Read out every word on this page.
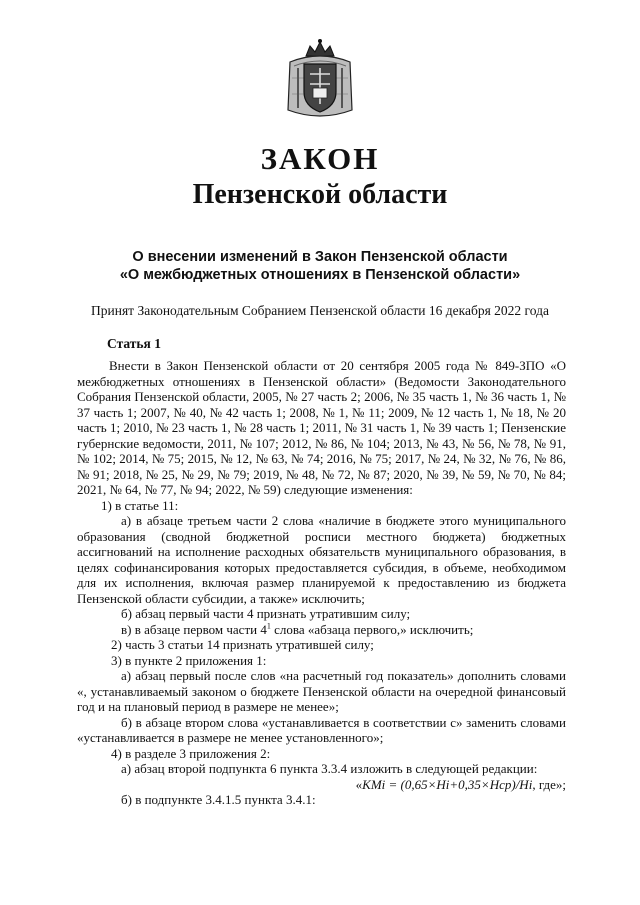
ЗАКОН
Пензенской области
О внесении изменений в Закон Пензенской области
«О межбюджетных отношениях в Пензенской области»
Принят Законодательным Собранием Пензенской области 16 декабря 2022 года
Статья 1

Внести в Закон Пензенской области от 20 сентября 2005 года № 849-ЗПО «О межбюджетных отношениях в Пензенской области» (Ведомости Законодательного Собрания Пензенской области, 2005, № 27 часть 2; 2006, № 35 часть 1, № 36 часть 1, № 37 часть 1; 2007, № 40, № 42 часть 1; 2008, № 1, № 11; 2009, № 12 часть 1, № 18, № 20 часть 1; 2010, № 23 часть 1, № 28 часть 1; 2011, № 31 часть 1, № 39 часть 1; Пензенские губернские ведомости, 2011, № 107; 2012, № 86, № 104; 2013, № 43, № 56, № 78, № 91, № 102; 2014, № 75; 2015, № 12, № 63, № 74; 2016, № 75; 2017, № 24, № 32, № 76, № 86, № 91; 2018, № 25, № 29, № 79; 2019, № 48, № 72, № 87; 2020, № 39, № 59, № 70, № 84; 2021, № 64, № 77, № 94; 2022, № 59) следующие изменения:

1) в статье 11:

а) в абзаце третьем части 2 слова «наличие в бюджете этого муниципального образования (сводной бюджетной росписи местного бюджета) бюджетных ассигнований на исполнение расходных обязательств муниципального образования, в целях софинансирования которых предоставляется субсидия, в объеме, необходимом для их исполнения, включая размер планируемой к предоставлению из бюджета Пензенской области субсидии, а также» исключить;

б) абзац первый части 4 признать утратившим силу;

в) в абзаце первом части $4^1$ слова «абзаца первого,» исключить;

2) часть 3 статьи 14 признать утратившей силу;

3) в пункте 2 приложения 1:

а) абзац первый после слов «на расчетный год показатель» дополнить словами «, устанавливаемый законом о бюджете Пензенской области на очередной финансовый год и на плановый период в размере не менее»;

б) в абзаце втором слова «устанавливается в соответствии с» заменить словами «устанавливается в размере не менее установленного»;

4) в разделе 3 приложения 2:

а) абзац второй подпункта 6 пункта 3.3.4 изложить в следующей редакции:

«KMi = (0,65×Hi+0,35×Hср)/Hi, где»;

б) в подпункте 3.4.1.5 пункта 3.4.1:
